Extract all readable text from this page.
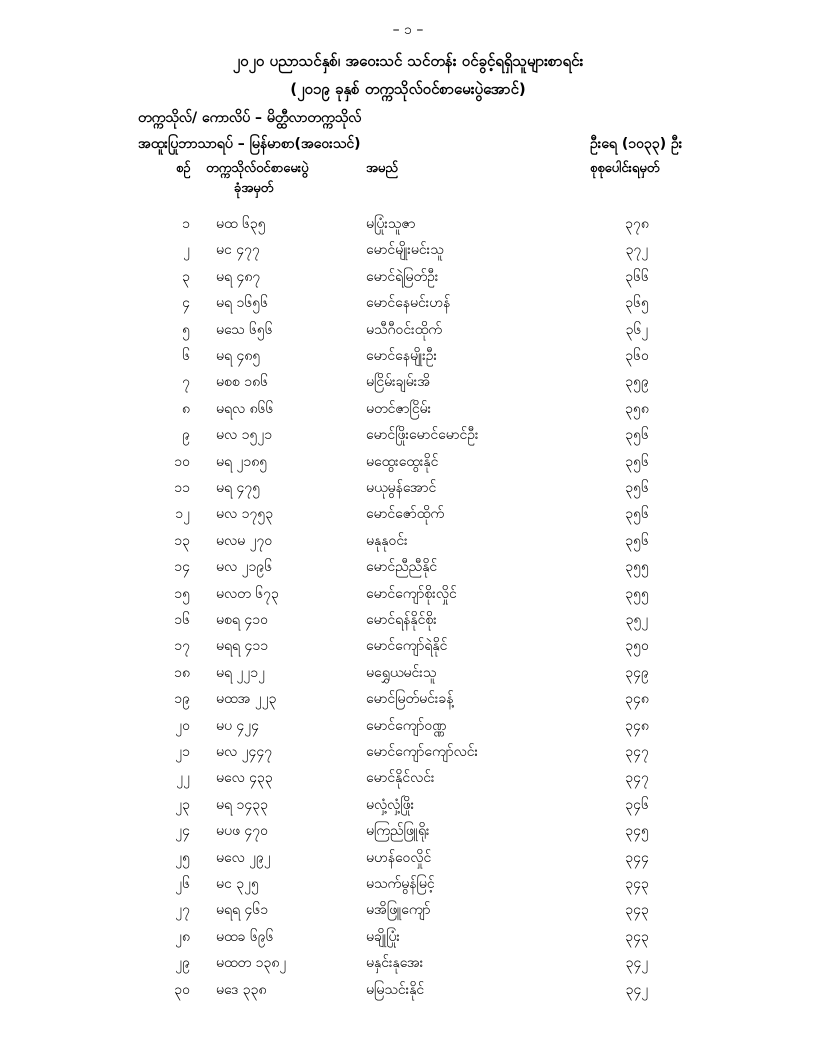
– ၁ –
၂၀၂၀ ပညာသင်နှစ်၊ အဝေးသင် သင်တန်း ဝင်ခွင့်ရရှိသူများစာရင်း
(၂၀၁၉ ခုနှစ် တက္ကသိုလ်ဝင်စာမေးပွဲအောင်)
တက္ကသိုလ်/ ကောလိပ် – မိတ္ထီလာတက္ကသိုလ်
အထူးပြုဘာသာရပ် – မြန်မာစာ(အဝေးသင်)	ဦးရေ (၁၀၃၃) ဦး
စဉ် တက္ကသိုလ်ဝင်စာမေးပွဲ
ခုံအမှတ်
အမည်	စုစုပေါင်းရမှတ်
၁ မထ ၆၃၅	မပြုံးသူဇာ	၃၇၈
၂ မင ၄၇၇	မောင်မျိုးမင်းသူ	၃၇၂
၃ မရ ၄၈၇	မောင်ရဲမြတ်ဦး	၃၆၆
၄ မရ ၁၆၅၆	မောင်နေမင်းဟန်	၃၆၅
၅ မသေ ၆၅၆	မသီဂီဝင်းထိုက်	၃၆၂
၆ မရ ၄၈၅	မောင်နေမျိုးဦး	၃၆၀
၇ မစစ ၁၈၆	မငြိမ်းချမ်းအိ	၃၅၉
၈ မရလ ၈၆၆	မတင်ဇာငြိမ်း	၃၅၈
၉ မလ ၁၅၂၁	မောင်ဖြိုးမောင်မောင်ဦး	၃၅၆
၁၀ မရ ၂၁၈၅	မထွေးထွေးနိုင်	၃၅၆
၁၁ မရ ၄၇၅	မယုမွန်အောင်	၃၅၆
၁၂ မလ ၁၇၅၃	မောင်ဇော်ထိုက်	၃၅၆
၁၃ မလမ ၂၇၀	မနုနုဝင်း	၃၅၆
၁၄ မလ ၂၁၉၆	မောင်ညီညီနိုင်	၃၅၅
၁၅ မလတ ၆၇၃	မောင်ကျော်စိုးလှိုင်	၃၅၅
၁၆ မစရ ၄၁၀	မောင်ရန်နိုင်စိုး	၃၅၂
၁၇ မရရ ၄၁၁	မောင်ကျော်ရဲနိုင်	၃၅၀
၁၈ မရ ၂၂၁၂	မရွှေယမင်းသူ	၃၄၉
၁၉ မထအ ၂၂၃	မောင်မြတ်မင်းခန့်	၃၄၈
၂၀ မပ ၄၂၄	မောင်ကျော်ဝဏ္ဏ	၃၄၈
၂၁ မလ ၂၄၄၇	မောင်ကျော်ကျော်လင်း	၃၄၇
၂၂ မလေ ၄၃၃	မောင်နိုင်လင်း	၃၄၇
၂၃ မရ ၁၄၃၃	မလှံ့လှံ့ဖြိုး	၃၄၆
၂၄ မပဖ ၄၇၀	မကြည်ဖြူရိုး	၃၄၅
၂၅ မလေ ၂၉၂	မဟန်ဝေလှိုင်	၃၄၄
၂၆ မင ၃၂၅	မသက်မွန်မြင့်	၃၄၃
၂၇ မရရ ၄၆၁	မအိဖြူကျော်	၃၄၃
၂၈ မထခ ၆၉၆	မချိုပြုံး	၃၄၃
၂၉ မထတ ၁၃၈၂	မနှင်းနုအေး	၃၄၂
၃၀ မဒေ ၃၃၈	မမြသင်းနိုင်	၃၄၂
